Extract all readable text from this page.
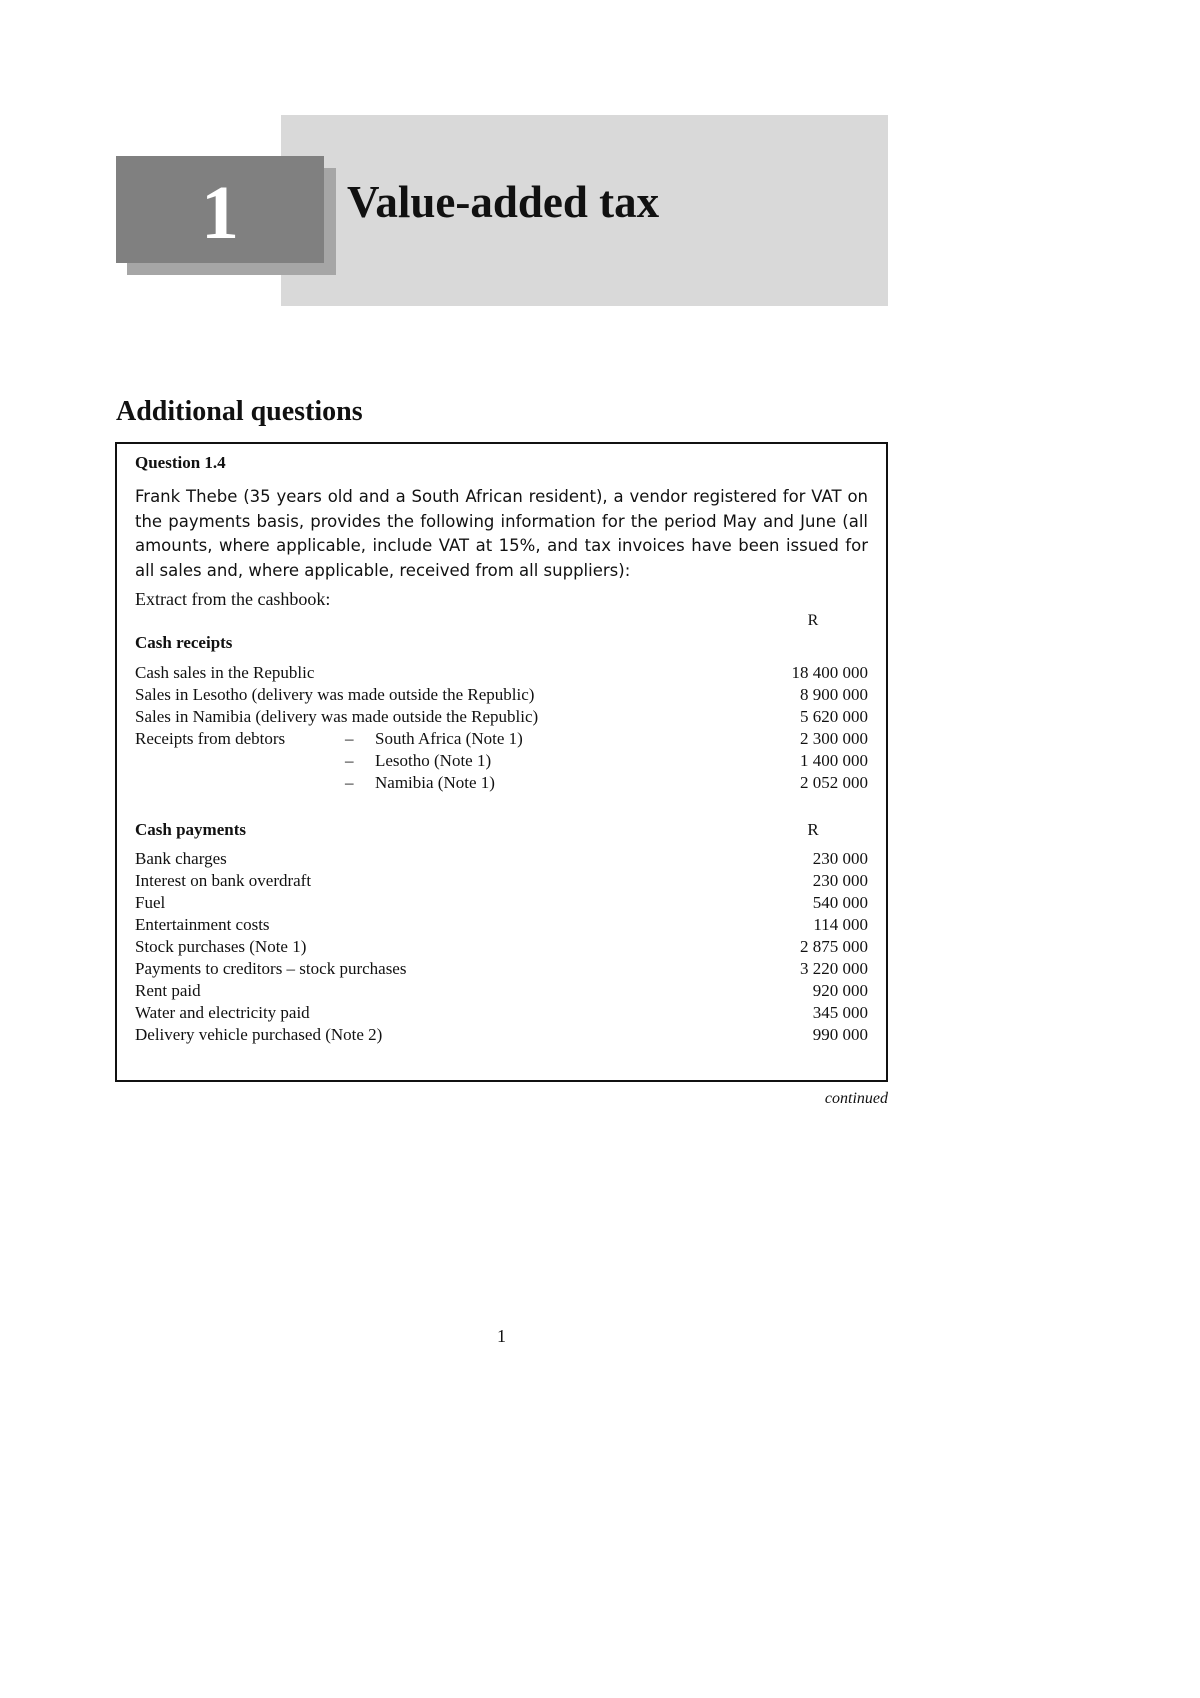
1	Value-added tax
Additional questions

Question 1.4

Frank Thebe (35 years old and a South African resident), a vendor registered for VAT on the payments basis, provides the following information for the period May and June (all amounts, where applicable, include VAT at 15%, and tax invoices have been issued for all sales and, where applicable, received from all suppliers):

Extract from the cashbook:

R
Cash receipts
Cash sales in the Republic	18 400 000
Sales in Lesotho (delivery was made outside the Republic)	8 900 000
Sales in Namibia (delivery was made outside the Republic)	5 620 000
Receipts from debtors	– South Africa (Note 1)	2 300 000
– Lesotho (Note 1)	1 400 000
– Namibia (Note 1)	2 052 000
Cash payments	R
Bank charges	230 000
Interest on bank overdraft	230 000
Fuel	540 000
Entertainment costs	114 000
Stock purchases (Note 1)	2 875 000
Payments to creditors – stock purchases	3 220 000
Rent paid	920 000
Water and electricity paid	345 000
Delivery vehicle purchased (Note 2)	990 000
continued
1
